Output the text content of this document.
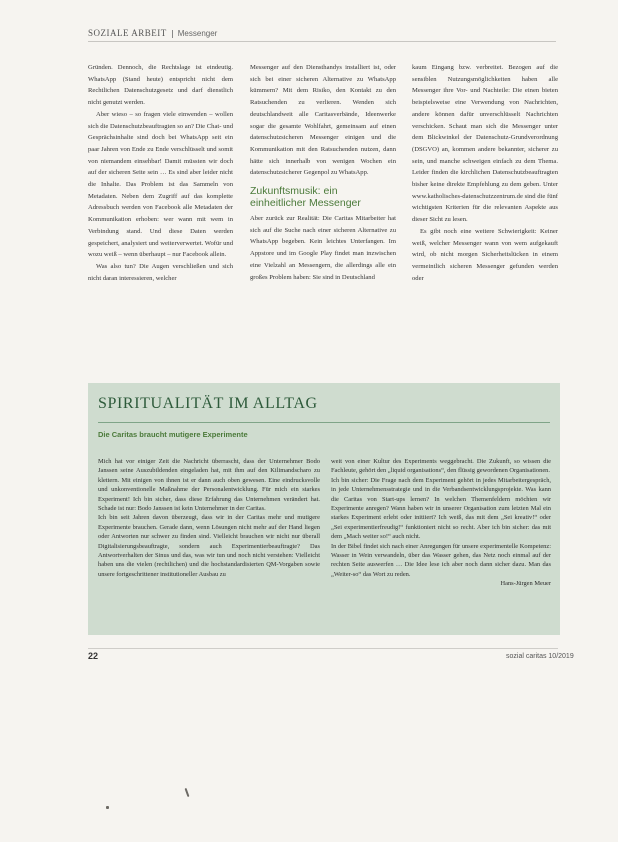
SOZIALE ARBEIT Messenger

Gründen. Dennoch, die Rechtslage ist eindeutig. WhatsApp (Stand heute) entspricht nicht dem Rechtlichen Datenschutzgesetz und darf dienstlich nicht genutzt werden.

Aber wieso – so fragen viele einwenden – wollen sich die Datenschutzbeauftragten so an? Die Chat- und Gesprächsinhalte sind doch bei WhatsApp seit ein paar Jahren von Ende zu Ende verschlüsselt und somit von niemandem einsehbar! Damit müssten wir doch auf der sicheren Seite sein … Es sind aber leider nicht die Inhalte. Das Problem ist das Sammeln von Metadaten. Neben dem Zugriff auf das komplette Adressbuch werden von Facebook alle Metadaten der Kommunikation erhoben: wer wann mit wem in Verbindung stand. Und diese Daten werden gespeichert, analysiert und weiterverwertet. Wofür und wozu weiß – wenn überhaupt – nur Facebook allein.

Was also tun? Die Augen verschließen und sich nicht daran interessieren, welcher

Messenger auf den Diensthandys installiert ist, oder sich bei einer sicheren Alternative zu WhatsApp kümmern? Mit dem Risiko, den Kontakt zu den Ratsuchenden zu verlieren. Wenden sich deutschlandweit alle Caritasverbände, Ideenwerke sogar die gesamte Wohlfahrt, gemeinsam auf einen datenschutzsicheren Messenger einigen und die Kommunikation mit den Ratsuchenden nutzen, dann hätte sich innerhalb von wenigen Wochen ein datenschutzsicherer Gegenpol zu WhatsApp.

Zukunftsmusik: ein einheitlicher Messenger

Aber zurück zur Realität: Die Caritas Mitarbeiter hat sich auf die Suche nach einer sicheren Alternative zu WhatsApp begeben. Kein leichtes Unterfangen. Im Appstore und im Google Play findet man inzwischen eine Vielzahl an Messengern, die allerdings alle ein großes Problem haben: Sie sind in Deutschland

kaum Eingang bzw. verbreitet. Bezogen auf die sensiblen Nutzungsmöglichkeiten haben alle Messenger ihre Vor- und Nachteile: Die einen bieten beispielsweise eine Verwendung von Nachrichten, andere können dafür unverschlüsselt Nachrichten verschicken. Schaut man sich die Messenger unter dem Blickwinkel der Datenschutz-Grundverordnung (DSGVO) an, kommen andere bekannter, sicherer zu sein, und manche schweigen einfach zu dem Thema. Leider finden die kirchlichen Datenschutzbeauftragten bisher keine direkte Empfehlung zu dem geben. Unter www.katholisches-datenschutzzentrum.de sind die fünf wichtigsten Kriterien für die relevanten Aspekte aus dieser Sicht zu lesen.

Es gibt noch eine weitere Schwierigkeit: Keiner weiß, welcher Messenger wann von wem aufgekauft wird, ob nicht morgen Sicherheitslücken in einem vermeintlich sicheren Messenger gefunden werden oder

SPIRITUALITÄT IM ALLTAG
Die Caritas braucht mutigere Experimente

Mich hat vor einiger Zeit die Nachricht überrascht, dass der Unternehmer Bodo Janssen seine Auszubildenden eingeladen hat, mit ihm auf den Kilimandscharo zu klettern. Mit einigen von ihnen ist er dann auch oben gewesen. Eine eindrucksvolle und unkonventionelle Maßnahme der Personalentwicklung. Für mich ein starkes Experiment! Ich bin sicher, dass diese Erfahrung das Unternehmen verändert hat. Schade ist nur: Bodo Janssen ist kein Unternehmer in der Caritas.

Ich bin seit Jahren davon überzeugt, dass wir in der Caritas mehr und mutigere Experimente brauchen. Gerade dann, wenn Lösungen nicht mehr auf der Hand liegen oder Antworten nur schwer zu finden sind. Vielleicht brauchen wir nicht nur überall Digitalisierungsbeauftragte, sondern auch Experimentierbeauftragte? Das Antwortverhalten der Sinus und das, was wir tun und noch nicht verstehen: Vielleicht haben uns die vielen (rechtlichen) und die hochstandardisierten QM-Vorgaben sowie unsere fortgeschrittener institutioneller Ausbau zu

weit von einer Kultur des Experiments weggebracht. Die Zukunft, so wissen die Fachleute, gehört den „liquid organisations“, den flüssig gewordenen Organisationen.

Ich bin sicher: Die Frage nach dem Experiment gehört in jedes Mitarbeitergespräch, in jede Unternehmensstrategie und in die Verbandsentwicklungsprojekte. Was kann die Caritas von Start-ups lernen? In welchen Themenfeldern möchten wir Experimente anregen? Wann haben wir in unserer Organisation zum letzten Mal ein starkes Experiment erlebt oder initiiert? Ich weiß, das mit dem „Sei kreativ!“ oder „Sei experimentierfreudig!“ funktioniert nicht so recht. Aber ich bin sicher: das mit dem „Mach weiter so!“ auch nicht.

In der Bibel findet sich nach einer Anregungen für unsere experimentelle Kompetenz: Wasser in Wein verwandeln, über das Wasser gehen, das Netz noch einmal auf der rechten Seite auswerfen … Die Idee lese ich aber noch dann sicher dazu. Man das „Weiter-so“ das Wort zu reden.

Hans-Jürgen Meuer
22	sozial caritas 10/2019
